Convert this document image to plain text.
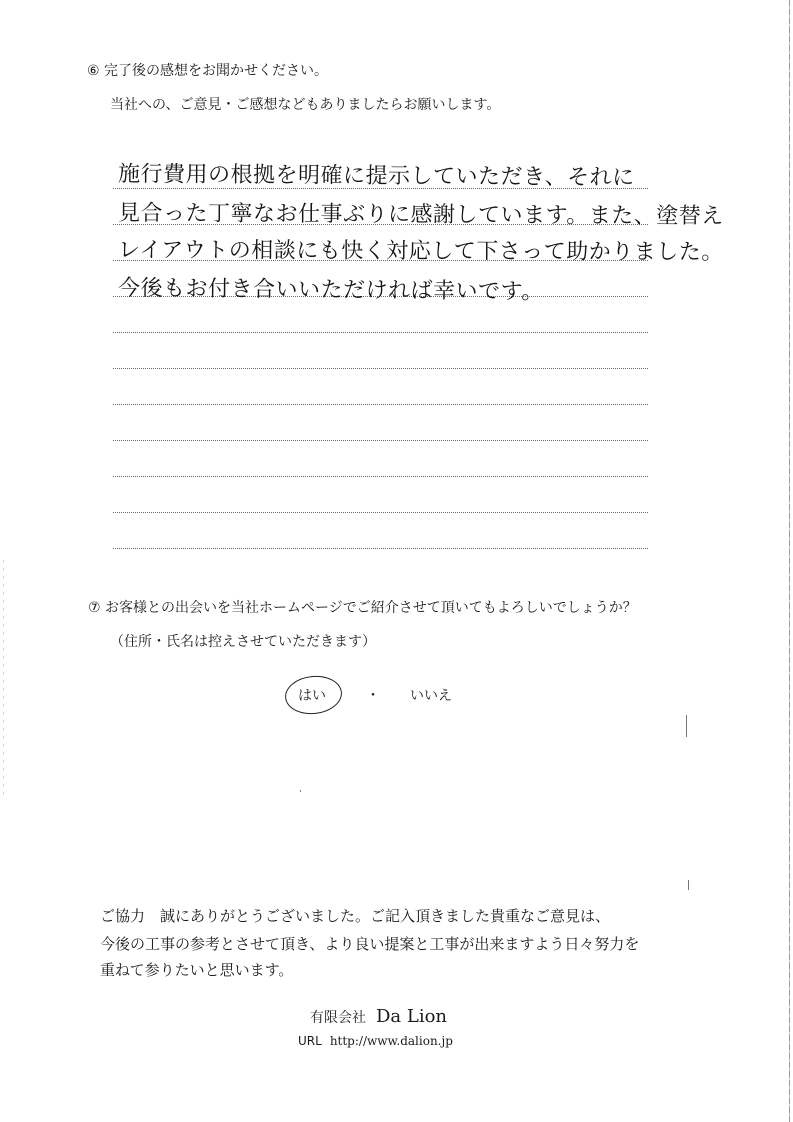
⑥ 完了後の感想をお聞かせください。
当社への、ご意見・ご感想などもありましたらお願いします。
施行費用の根拠を明確に提示していただき、それに
見合った丁寧なお仕事ぶりに感謝しています。また、塗替え
レイアウトの相談にも快く対応して下さって助かりました。
今後もお付き合いいただければ幸いです。
⑦ お客様との出会いを当社ホームページでご紹介させて頂いてもよろしいでしょうか？
（住所・氏名は控えさせていただきます）
はい	・ いいえ
ご協力　誠にありがとうございました。ご記入頂きました貴重なご意見は、
今後の工事の参考とさせて頂き、より良い提案と工事が出来ますよう日々努力を
重ねて参りたいと思います。
有限会社 Da Lion
URL http://www.dalion.jp
